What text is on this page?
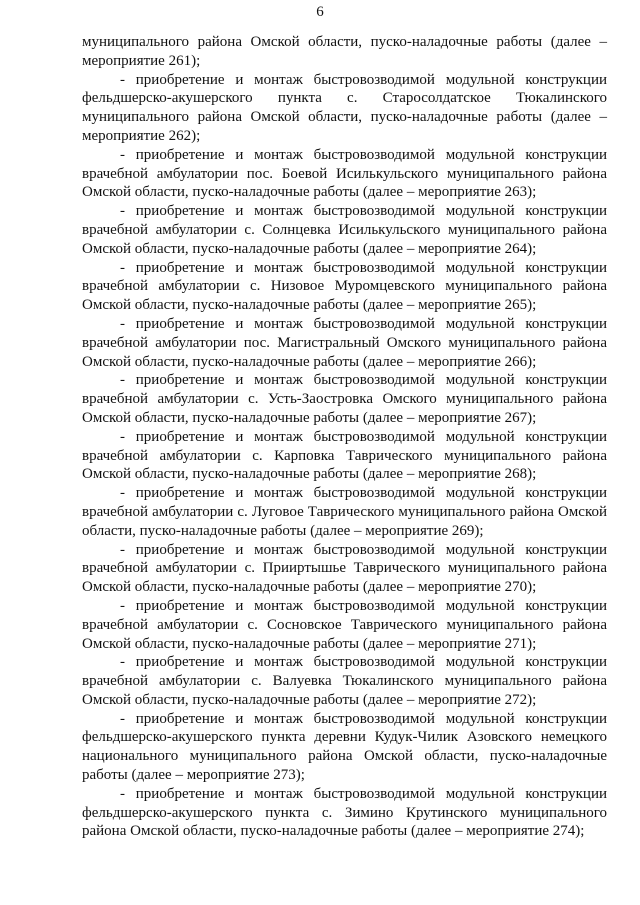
6

муниципального района Омской области, пуско-наладочные работы (далее – мероприятие 261);

- приобретение и монтаж быстровозводимой модульной конструкции фельдшерско-акушерского пункта с. Старосолдатское Тюкалинского муниципального района Омской области, пуско-наладочные работы (далее – мероприятие 262);

- приобретение и монтаж быстровозводимой модульной конструкции врачебной амбулатории пос. Боевой Исилькульского муниципального района Омской области, пуско-наладочные работы (далее – мероприятие 263);

- приобретение и монтаж быстровозводимой модульной конструкции врачебной амбулатории с. Солнцевка Исилькульского муниципального района Омской области, пуско-наладочные работы (далее – мероприятие 264);

- приобретение и монтаж быстровозводимой модульной конструкции врачебной амбулатории с. Низовое Муромцевского муниципального района Омской области, пуско-наладочные работы (далее – мероприятие 265);

- приобретение и монтаж быстровозводимой модульной конструкции врачебной амбулатории пос. Магистральный Омского муниципального района Омской области, пуско-наладочные работы (далее – мероприятие 266);

- приобретение и монтаж быстровозводимой модульной конструкции врачебной амбулатории с. Усть-Заостровка Омского муниципального района Омской области, пуско-наладочные работы (далее – мероприятие 267);

- приобретение и монтаж быстровозводимой модульной конструкции врачебной амбулатории с. Карповка Таврического муниципального района Омской области, пуско-наладочные работы (далее – мероприятие 268);

- приобретение и монтаж быстровозводимой модульной конструкции врачебной амбулатории с. Луговое Таврического муниципального района Омской области, пуско-наладочные работы (далее – мероприятие 269);

- приобретение и монтаж быстровозводимой модульной конструкции врачебной амбулатории с. Прииртышье Таврического муниципального района Омской области, пуско-наладочные работы (далее – мероприятие 270);

- приобретение и монтаж быстровозводимой модульной конструкции врачебной амбулатории с. Сосновское Таврического муниципального района Омской области, пуско-наладочные работы (далее – мероприятие 271);

- приобретение и монтаж быстровозводимой модульной конструкции врачебной амбулатории с. Валуевка Тюкалинского муниципального района Омской области, пуско-наладочные работы (далее – мероприятие 272);

- приобретение и монтаж быстровозводимой модульной конструкции фельдшерско-акушерского пункта деревни Кудук-Чилик Азовского немецкого национального муниципального района Омской области, пуско-наладочные работы (далее – мероприятие 273);

- приобретение и монтаж быстровозводимой модульной конструкции фельдшерско-акушерского пункта с. Зимино Крутинского муниципального района Омской области, пуско-наладочные работы (далее – мероприятие 274);
